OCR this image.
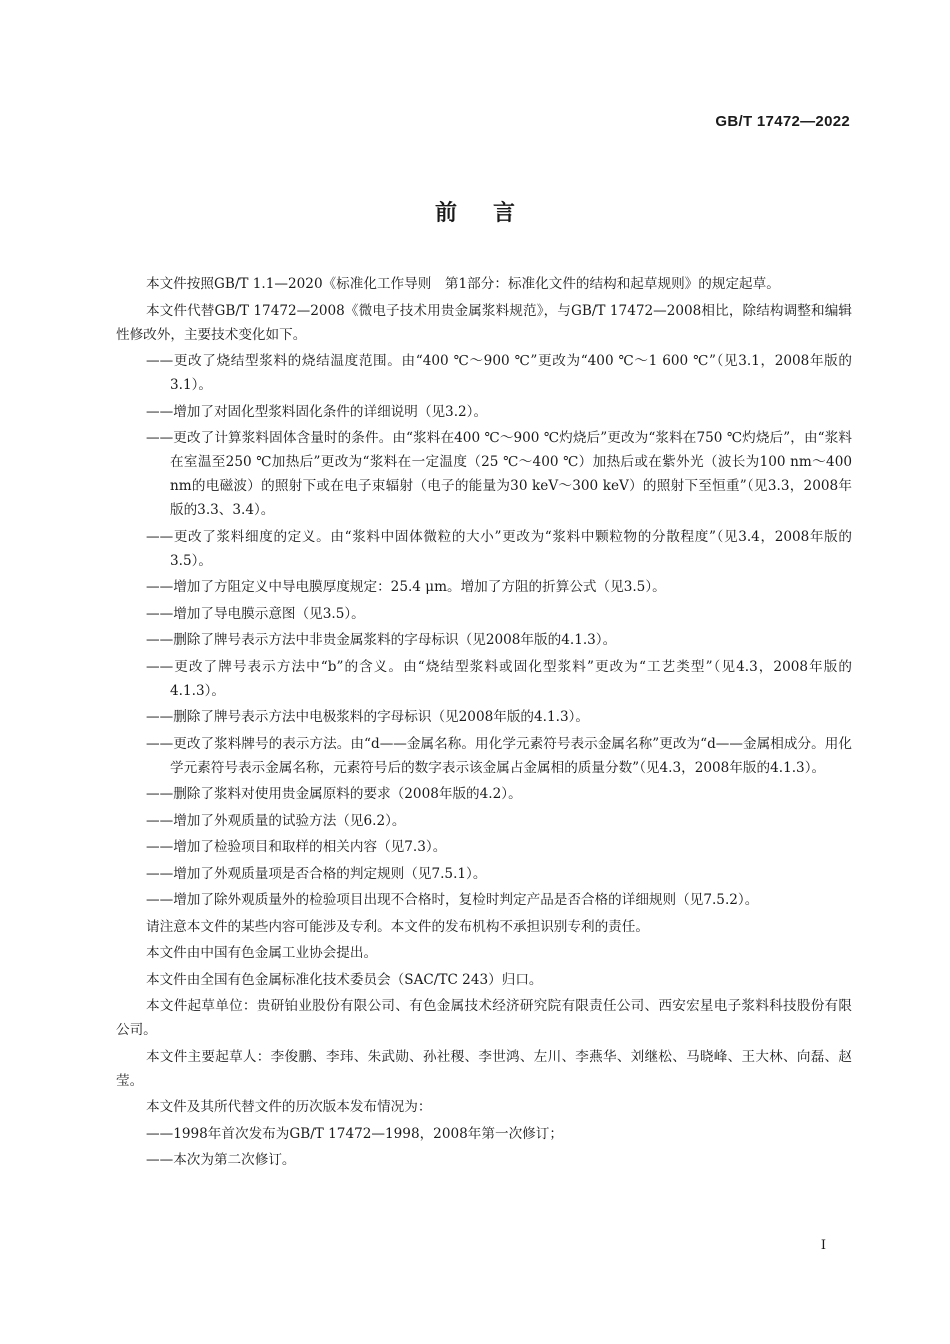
GB/T 17472—2022
前言

本文件按照GB/T 1.1—2020《标准化工作导则　第1部分：标准化文件的结构和起草规则》的规定起草。

本文件代替GB/T 17472—2008《微电子技术用贵金属浆料规范》，与GB/T 17472—2008相比，除结构调整和编辑性修改外，主要技术变化如下。

——更改了烧结型浆料的烧结温度范围。由“400 ℃～900 ℃”更改为“400 ℃～1 600 ℃”（见3.1，2008年版的3.1）。

——增加了对固化型浆料固化条件的详细说明（见3.2）。

——更改了计算浆料固体含量时的条件。由“浆料在400 ℃～900 ℃灼烧后”更改为“浆料在750 ℃灼烧后”，由“浆料在室温至250 ℃加热后”更改为“浆料在一定温度（25 ℃～400 ℃）加热后或在紫外光（波长为100 nm～400 nm的电磁波）的照射下或在电子束辐射（电子的能量为30 keV～300 keV）的照射下至恒重”（见3.3，2008年版的3.3、3.4）。

——更改了浆料细度的定义。由“浆料中固体微粒的大小”更改为“浆料中颗粒物的分散程度”（见3.4，2008年版的3.5）。

——增加了方阻定义中导电膜厚度规定：25.4 μm。增加了方阻的折算公式（见3.5）。

——增加了导电膜示意图（见3.5）。

——删除了牌号表示方法中非贵金属浆料的字母标识（见2008年版的4.1.3）。

——更改了牌号表示方法中“b”的含义。由“烧结型浆料或固化型浆料”更改为“工艺类型”（见4.3，2008年版的4.1.3）。

——删除了牌号表示方法中电极浆料的字母标识（见2008年版的4.1.3）。

——更改了浆料牌号的表示方法。由“d——金属名称。用化学元素符号表示金属名称”更改为“d——金属相成分。用化学元素符号表示金属名称，元素符号后的数字表示该金属占金属相的质量分数”（见4.3，2008年版的4.1.3）。

——删除了浆料对使用贵金属原料的要求（2008年版的4.2）。

——增加了外观质量的试验方法（见6.2）。

——增加了检验项目和取样的相关内容（见7.3）。

——增加了外观质量项是否合格的判定规则（见7.5.1）。

——增加了除外观质量外的检验项目出现不合格时，复检时判定产品是否合格的详细规则（见7.5.2）。

请注意本文件的某些内容可能涉及专利。本文件的发布机构不承担识别专利的责任。

本文件由中国有色金属工业协会提出。

本文件由全国有色金属标准化技术委员会（SAC/TC 243）归口。

本文件起草单位：贵研铂业股份有限公司、有色金属技术经济研究院有限责任公司、西安宏星电子浆料科技股份有限公司。

本文件主要起草人：李俊鹏、李玮、朱武勋、孙社稷、李世鸿、左川、李燕华、刘继松、马晓峰、王大林、向磊、赵莹。

本文件及其所代替文件的历次版本发布情况为：

——1998年首次发布为GB/T 17472—1998，2008年第一次修订；

——本次为第二次修订。

I
